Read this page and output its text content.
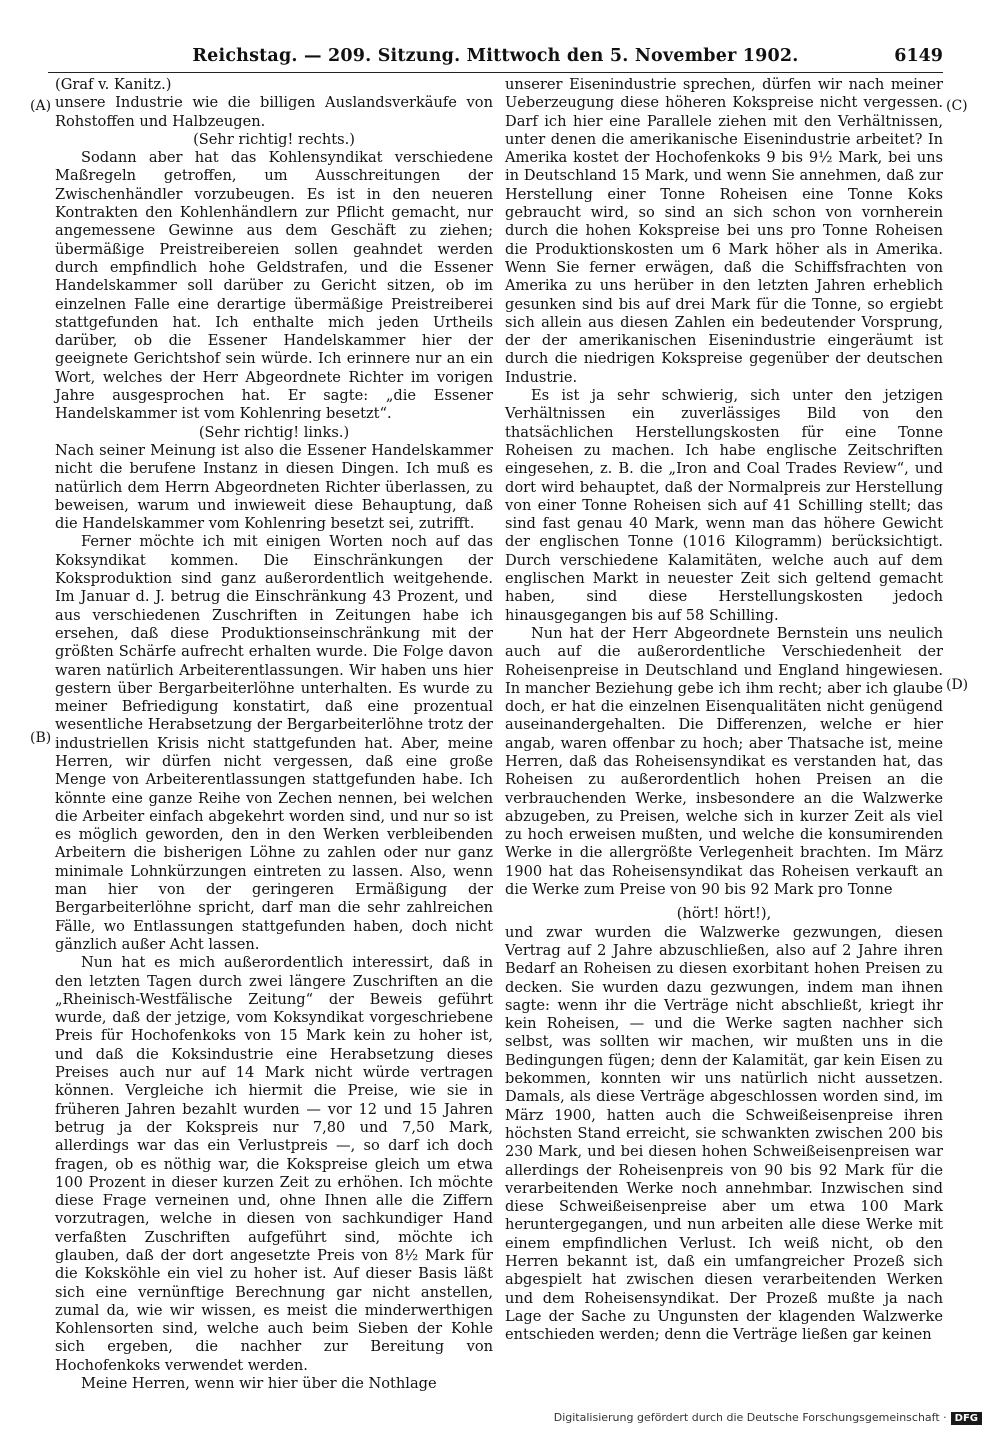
Reichstag. — 209. Sitzung. Mittwoch den 5. November 1902.	6149
(A)
(B)
(C)
(D)

(Graf v. Kanitz.)

unsere Industrie wie die billigen Auslandsverkäufe von Rohstoffen und Halbzeugen.

(Sehr richtig! rechts.)

Sodann aber hat das Kohlensyndikat verschiedene Maßregeln getroffen, um Ausschreitungen der Zwischenhändler vorzubeugen. Es ist in den neueren Kontrakten den Kohlenhändlern zur Pflicht gemacht, nur angemessene Gewinne aus dem Geschäft zu ziehen; übermäßige Preistreibereien sollen geahndet werden durch empfindlich hohe Geldstrafen, und die Essener Handelskammer soll darüber zu Gericht sitzen, ob im einzelnen Falle eine derartige übermäßige Preistreiberei stattgefunden hat. Ich enthalte mich jeden Urtheils darüber, ob die Essener Handelskammer hier der geeignete Gerichtshof sein würde. Ich erinnere nur an ein Wort, welches der Herr Abgeordnete Richter im vorigen Jahre ausgesprochen hat. Er sagte: „die Essener Handelskammer ist vom Kohlenring besetzt“.

(Sehr richtig! links.)

Nach seiner Meinung ist also die Essener Handelskammer nicht die berufene Instanz in diesen Dingen. Ich muß es natürlich dem Herrn Abgeordneten Richter überlassen, zu beweisen, warum und inwieweit diese Behauptung, daß die Handelskammer vom Kohlenring besetzt sei, zutrifft.

Ferner möchte ich mit einigen Worten noch auf das Koksyndikat kommen. Die Einschränkungen der Koksproduktion sind ganz außerordentlich weitgehende. Im Januar d. J. betrug die Einschränkung 43 Prozent, und aus verschiedenen Zuschriften in Zeitungen habe ich ersehen, daß diese Produktionseinschränkung mit der größten Schärfe aufrecht erhalten wurde. Die Folge davon waren natürlich Arbeiterentlassungen. Wir haben uns hier gestern über Bergarbeiterlöhne unterhalten. Es wurde zu meiner Befriedigung konstatirt, daß eine prozentual wesentliche Herabsetzung der Bergarbeiterlöhne trotz der industriellen Krisis nicht stattgefunden hat. Aber, meine Herren, wir dürfen nicht vergessen, daß eine große Menge von Arbeiterentlassungen stattgefunden habe. Ich könnte eine ganze Reihe von Zechen nennen, bei welchen die Arbeiter einfach abgekehrt worden sind, und nur so ist es möglich geworden, den in den Werken verbleibenden Arbeitern die bisherigen Löhne zu zahlen oder nur ganz minimale Lohnkürzungen eintreten zu lassen. Also, wenn man hier von der geringeren Ermäßigung der Bergarbeiterlöhne spricht, darf man die sehr zahlreichen Fälle, wo Entlassungen stattgefunden haben, doch nicht gänzlich außer Acht lassen.

Nun hat es mich außerordentlich interessirt, daß in den letzten Tagen durch zwei längere Zuschriften an die „Rheinisch-Westfälische Zeitung“ der Beweis geführt wurde, daß der jetzige, vom Koksyndikat vorgeschriebene Preis für Hochofenkoks von 15 Mark kein zu hoher ist, und daß die Koksindustrie eine Herabsetzung dieses Preises auch nur auf 14 Mark nicht würde vertragen können. Vergleiche ich hiermit die Preise, wie sie in früheren Jahren bezahlt wurden — vor 12 und 15 Jahren betrug ja der Kokspreis nur 7,80 und 7,50 Mark, allerdings war das ein Verlustpreis —, so darf ich doch fragen, ob es nöthig war, die Kokspreise gleich um etwa 100 Prozent in dieser kurzen Zeit zu erhöhen. Ich möchte diese Frage verneinen und, ohne Ihnen alle die Ziffern vorzutragen, welche in diesen von sachkundiger Hand verfaßten Zuschriften aufgeführt sind, möchte ich glauben, daß der dort angesetzte Preis von 8½ Mark für die Koksköhle ein viel zu hoher ist. Auf dieser Basis läßt sich eine vernünftige Berechnung gar nicht anstellen, zumal da, wie wir wissen, es meist die minderwerthigen Kohlensorten sind, welche auch beim Sieben der Kohle sich ergeben, die nachher zur Bereitung von Hochofenkoks verwendet werden.

Meine Herren, wenn wir hier über die Nothlage

unserer Eisenindustrie sprechen, dürfen wir nach meiner Ueberzeugung diese höheren Kokspreise nicht vergessen. Darf ich hier eine Parallele ziehen mit den Verhältnissen, unter denen die amerikanische Eisenindustrie arbeitet? In Amerika kostet der Hochofenkoks 9 bis 9½ Mark, bei uns in Deutschland 15 Mark, und wenn Sie annehmen, daß zur Herstellung einer Tonne Roheisen eine Tonne Koks gebraucht wird, so sind an sich schon von vornherein durch die hohen Kokspreise bei uns pro Tonne Roheisen die Produktionskosten um 6 Mark höher als in Amerika. Wenn Sie ferner erwägen, daß die Schiffsfrachten von Amerika zu uns herüber in den letzten Jahren erheblich gesunken sind bis auf drei Mark für die Tonne, so ergiebt sich allein aus diesen Zahlen ein bedeutender Vorsprung, der der amerikanischen Eisenindustrie eingeräumt ist durch die niedrigen Kokspreise gegenüber der deutschen Industrie.

Es ist ja sehr schwierig, sich unter den jetzigen Verhältnissen ein zuverlässiges Bild von den thatsächlichen Herstellungskosten für eine Tonne Roheisen zu machen. Ich habe englische Zeitschriften eingesehen, z. B. die „Iron and Coal Trades Review“, und dort wird behauptet, daß der Normalpreis zur Herstellung von einer Tonne Roheisen sich auf 41 Schilling stellt; das sind fast genau 40 Mark, wenn man das höhere Gewicht der englischen Tonne (1016 Kilogramm) berücksichtigt. Durch verschiedene Kalamitäten, welche auch auf dem englischen Markt in neuester Zeit sich geltend gemacht haben, sind diese Herstellungskosten jedoch hinausgegangen bis auf 58 Schilling.

Nun hat der Herr Abgeordnete Bernstein uns neulich auch auf die außerordentliche Verschiedenheit der Roheisenpreise in Deutschland und England hingewiesen. In mancher Beziehung gebe ich ihm recht; aber ich glaube doch, er hat die einzelnen Eisenqualitäten nicht genügend auseinandergehalten. Die Differenzen, welche er hier angab, waren offenbar zu hoch; aber Thatsache ist, meine Herren, daß das Roheisensyndikat es verstanden hat, das Roheisen zu außerordentlich hohen Preisen an die verbrauchenden Werke, insbesondere an die Walzwerke abzugeben, zu Preisen, welche sich in kurzer Zeit als viel zu hoch erweisen mußten, und welche die konsumirenden Werke in die allergrößte Verlegenheit brachten. Im März 1900 hat das Roheisensyndikat das Roheisen verkauft an die Werke zum Preise von 90 bis 92 Mark pro Tonne

(hört! hört!),

und zwar wurden die Walzwerke gezwungen, diesen Vertrag auf 2 Jahre abzuschließen, also auf 2 Jahre ihren Bedarf an Roheisen zu diesen exorbitant hohen Preisen zu decken. Sie wurden dazu gezwungen, indem man ihnen sagte: wenn ihr die Verträge nicht abschließt, kriegt ihr kein Roheisen, — und die Werke sagten nachher sich selbst, was sollten wir machen, wir mußten uns in die Bedingungen fügen; denn der Kalamität, gar kein Eisen zu bekommen, konnten wir uns natürlich nicht aussetzen. Damals, als diese Verträge abgeschlossen worden sind, im März 1900, hatten auch die Schweißeisenpreise ihren höchsten Stand erreicht, sie schwankten zwischen 200 bis 230 Mark, und bei diesen hohen Schweißeisenpreisen war allerdings der Roheisenpreis von 90 bis 92 Mark für die verarbeitenden Werke noch annehmbar. Inzwischen sind diese Schweißeisenpreise aber um etwa 100 Mark heruntergegangen, und nun arbeiten alle diese Werke mit einem empfindlichen Verlust. Ich weiß nicht, ob den Herren bekannt ist, daß ein umfangreicher Prozeß sich abgespielt hat zwischen diesen verarbeitenden Werken und dem Roheisensyndikat. Der Prozeß mußte ja nach Lage der Sache zu Ungunsten der klagenden Walzwerke entschieden werden; denn die Verträge ließen gar keinen

Digitalisierung gefördert durch die Deutsche Forschungsgemeinschaft · DFG
